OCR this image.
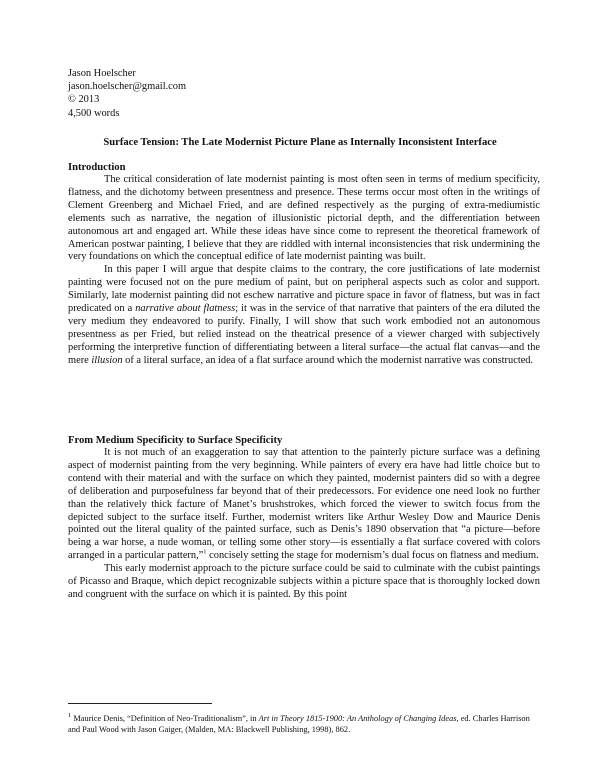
Jason Hoelscher
jason.hoelscher@gmail.com
© 2013
4,500 words
Surface Tension: The Late Modernist Picture Plane as Internally Inconsistent Interface
Introduction

The critical consideration of late modernist painting is most often seen in terms of medium specificity, flatness, and the dichotomy between presentness and presence. These terms occur most often in the writings of Clement Greenberg and Michael Fried, and are defined respectively as the purging of extra-mediumistic elements such as narrative, the negation of illusionistic pictorial depth, and the differentiation between autonomous art and engaged art. While these ideas have since come to represent the theoretical framework of American postwar painting, I believe that they are riddled with internal inconsistencies that risk undermining the very foundations on which the conceptual edifice of late modernist painting was built.

In this paper I will argue that despite claims to the contrary, the core justifications of late modernist painting were focused not on the pure medium of paint, but on peripheral aspects such as color and support. Similarly, late modernist painting did not eschew narrative and picture space in favor of flatness, but was in fact predicated on a narrative about flatness; it was in the service of that narrative that painters of the era diluted the very medium they endeavored to purify. Finally, I will show that such work embodied not an autonomous presentness as per Fried, but relied instead on the theatrical presence of a viewer charged with subjectively performing the interpretive function of differentiating between a literal surface—the actual flat canvas—and the mere illusion of a literal surface, an idea of a flat surface around which the modernist narrative was constructed.

From Medium Specificity to Surface Specificity

It is not much of an exaggeration to say that attention to the painterly picture surface was a defining aspect of modernist painting from the very beginning. While painters of every era have had little choice but to contend with their material and with the surface on which they painted, modernist painters did so with a degree of deliberation and purposefulness far beyond that of their predecessors. For evidence one need look no further than the relatively thick facture of Manet’s brushstrokes, which forced the viewer to switch focus from the depicted subject to the surface itself. Further, modernist writers like Arthur Wesley Dow and Maurice Denis pointed out the literal quality of the painted surface, such as Denis’s 1890 observation that “a picture—before being a war horse, a nude woman, or telling some other story—is essentially a flat surface covered with colors arranged in a particular pattern,”$^1$ concisely setting the stage for modernism’s dual focus on flatness and medium.

This early modernist approach to the picture surface could be said to culminate with the cubist paintings of Picasso and Braque, which depict recognizable subjects within a picture space that is thoroughly locked down and congruent with the surface on which it is painted. By this point

$^1$ Maurice Denis, “Definition of Neo-Traditionalism”, in Art in Theory 1815-1900: An Anthology of Changing Ideas, ed. Charles Harrison and Paul Wood with Jason Gaiger, (Malden, MA: Blackwell Publishing, 1998), 862.
